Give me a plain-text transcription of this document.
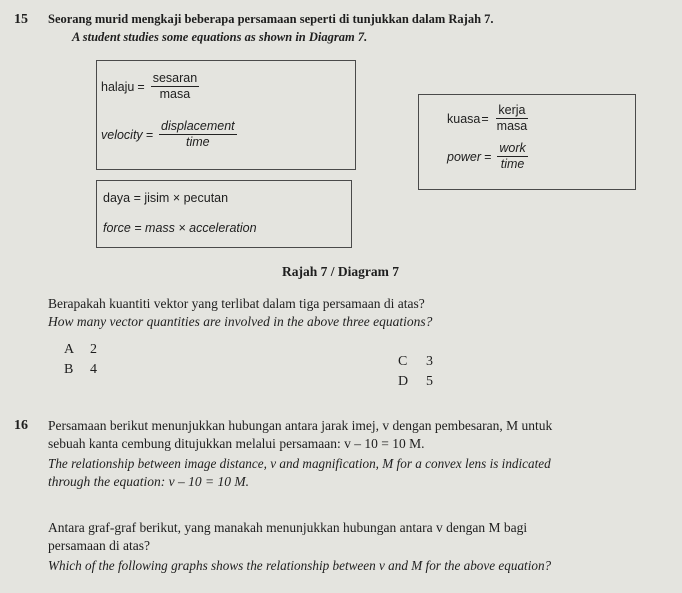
15 Seorang murid mengkaji beberapa persamaan seperti di tunjukkan dalam Rajah 7.
A student studies some equations as shown in Diagram 7.
halaju = $\frac{\text{sesaran}}{\text{masa}}$
velocity = $\frac{\text{displacement}}{\text{time}}$
kuasa = $\frac{\text{kerja}}{\text{masa}}$
power = $\frac{\text{work}}{\text{time}}$
daya = jisim × pecutan
force = mass × acceleration
Rajah 7 / Diagram 7
Berapakah kuantiti vektor yang terlibat dalam tiga persamaan di atas?
How many vector quantities are involved in the above three equations?
A 2
B 4
C 3
D 5
16 Persamaan berikut menunjukkan hubungan antara jarak imej, v dengan pembesaran, M untuk
sebuah kanta cembung ditujukkan melalui persamaan: v – 10 = 10 M.
The relationship between image distance, v and magnification, M for a convex lens is indicated
through the equation: v – 10 = 10 M.
Antara graf-graf berikut, yang manakah menunjukkan hubungan antara v dengan M bagi
persamaan di atas?
Which of the following graphs shows the relationship between v and M for the above equation?
